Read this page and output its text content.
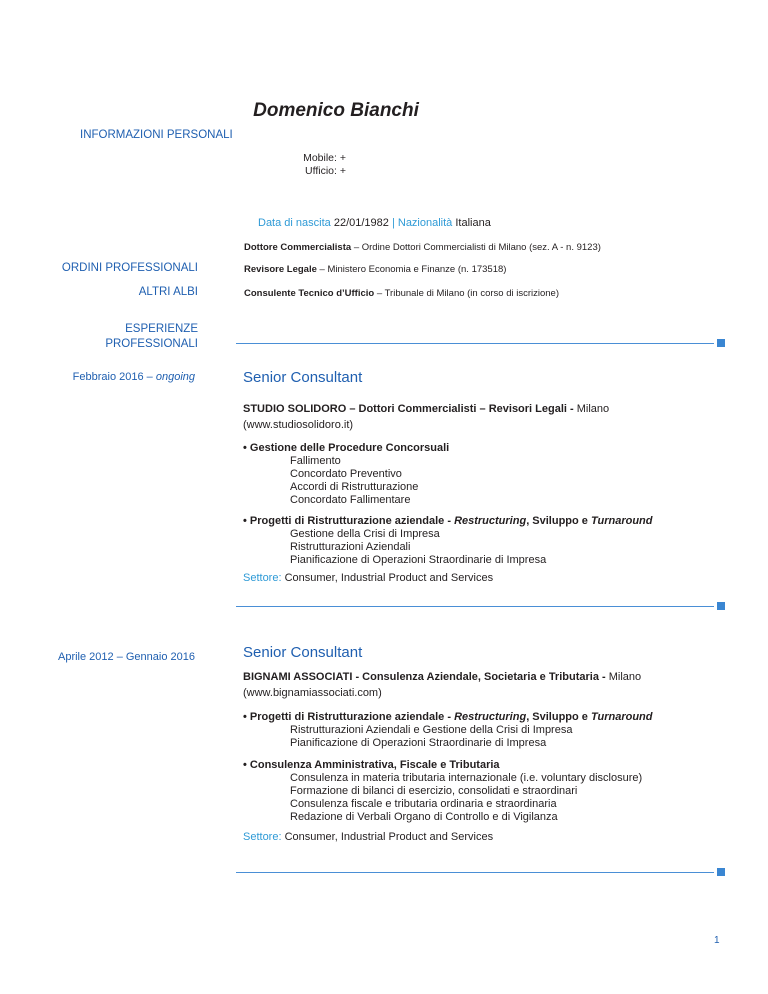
Domenico Bianchi
INFORMAZIONI PERSONALI
Mobile: +
Ufficio: +
Data di nascita 22/01/1982 | Nazionalità Italiana
Dottore Commercialista – Ordine Dottori Commercialisti di Milano (sez. A - n. 9123)
ORDINI PROFESSIONALI	Revisore Legale – Ministero Economia e Finanze (n. 173518)
ALTRI ALBI	Consulente Tecnico d’Ufficio – Tribunale di Milano (in corso di iscrizione)
ESPERIENZE
PROFESSIONALI
Febbraio 2016 – ongoing	Senior Consultant
STUDIO SOLIDORO – Dottori Commercialisti – Revisori Legali - Milano
(www.studiosolidoro.it)
• Gestione delle Procedure Concorsuali
Fallimento
Concordato Preventivo
Accordi di Ristrutturazione
Concordato Fallimentare
• Progetti di Ristrutturazione aziendale - Restructuring, Sviluppo e Turnaround
Gestione della Crisi di Impresa
Ristrutturazioni Aziendali
Pianificazione di Operazioni Straordinarie di Impresa
Settore: Consumer, Industrial Product and Services
Aprile 2012 – Gennaio 2016	Senior Consultant
BIGNAMI ASSOCIATI - Consulenza Aziendale, Societaria e Tributaria - Milano
(www.bignamiassociati.com)
• Progetti di Ristrutturazione aziendale - Restructuring, Sviluppo e Turnaround
Ristrutturazioni Aziendali e Gestione della Crisi di Impresa
Pianificazione di Operazioni Straordinarie di Impresa
• Consulenza Amministrativa, Fiscale e Tributaria
Consulenza in materia tributaria internazionale (i.e. voluntary disclosure)
Formazione di bilanci di esercizio, consolidati e straordinari
Consulenza fiscale e tributaria ordinaria e straordinaria
Redazione di Verbali Organo di Controllo e di Vigilanza
Settore: Consumer, Industrial Product and Services
1
